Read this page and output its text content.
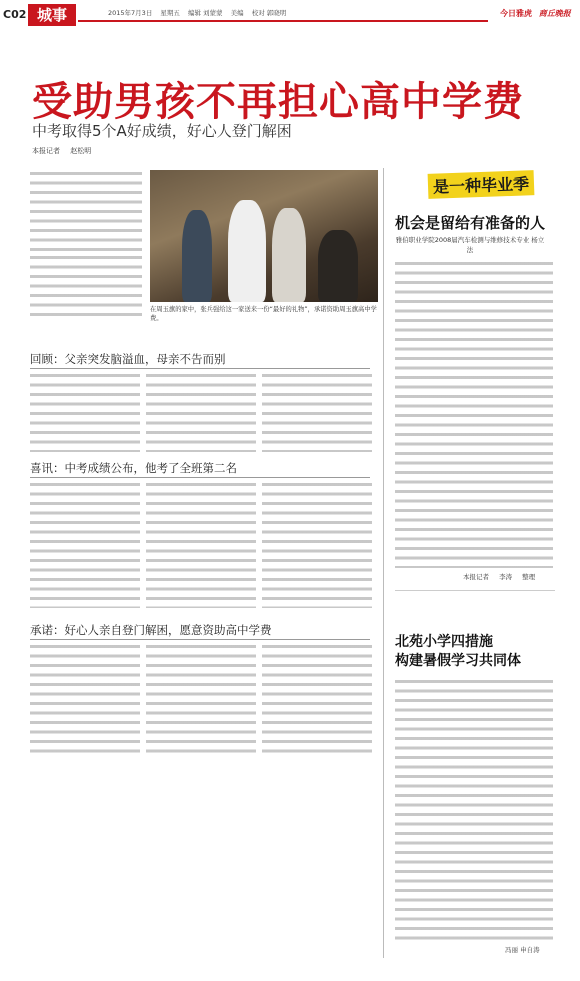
C02 城事	2015年7月3日 星期五 编辑 刘蒙蒙 美编 校对 郭晓明	今日雅虎 商丘晚报
受助男孩不再担心高中学费
中考取得5个A好成绩，好心人登门解困
本报记者 赵松明
在周玉旗的家中，张兵强给这一家送来一份“最好的礼物”，承诺资助周玉旗高中学费。
回顾：父亲突发脑溢血，母亲不告而别
喜讯：中考成绩公布，他考了全班第二名
承诺：好心人亲自登门解困，愿意资助高中学费
是一种毕业季
机会是留给有准备的人
雅伯职业学院2008届汽车检测与维修技术专业 杨立法
本报记者 李涛 整理
北苑小学四措施
构建暑假学习共同体
冯丽 申自涛
